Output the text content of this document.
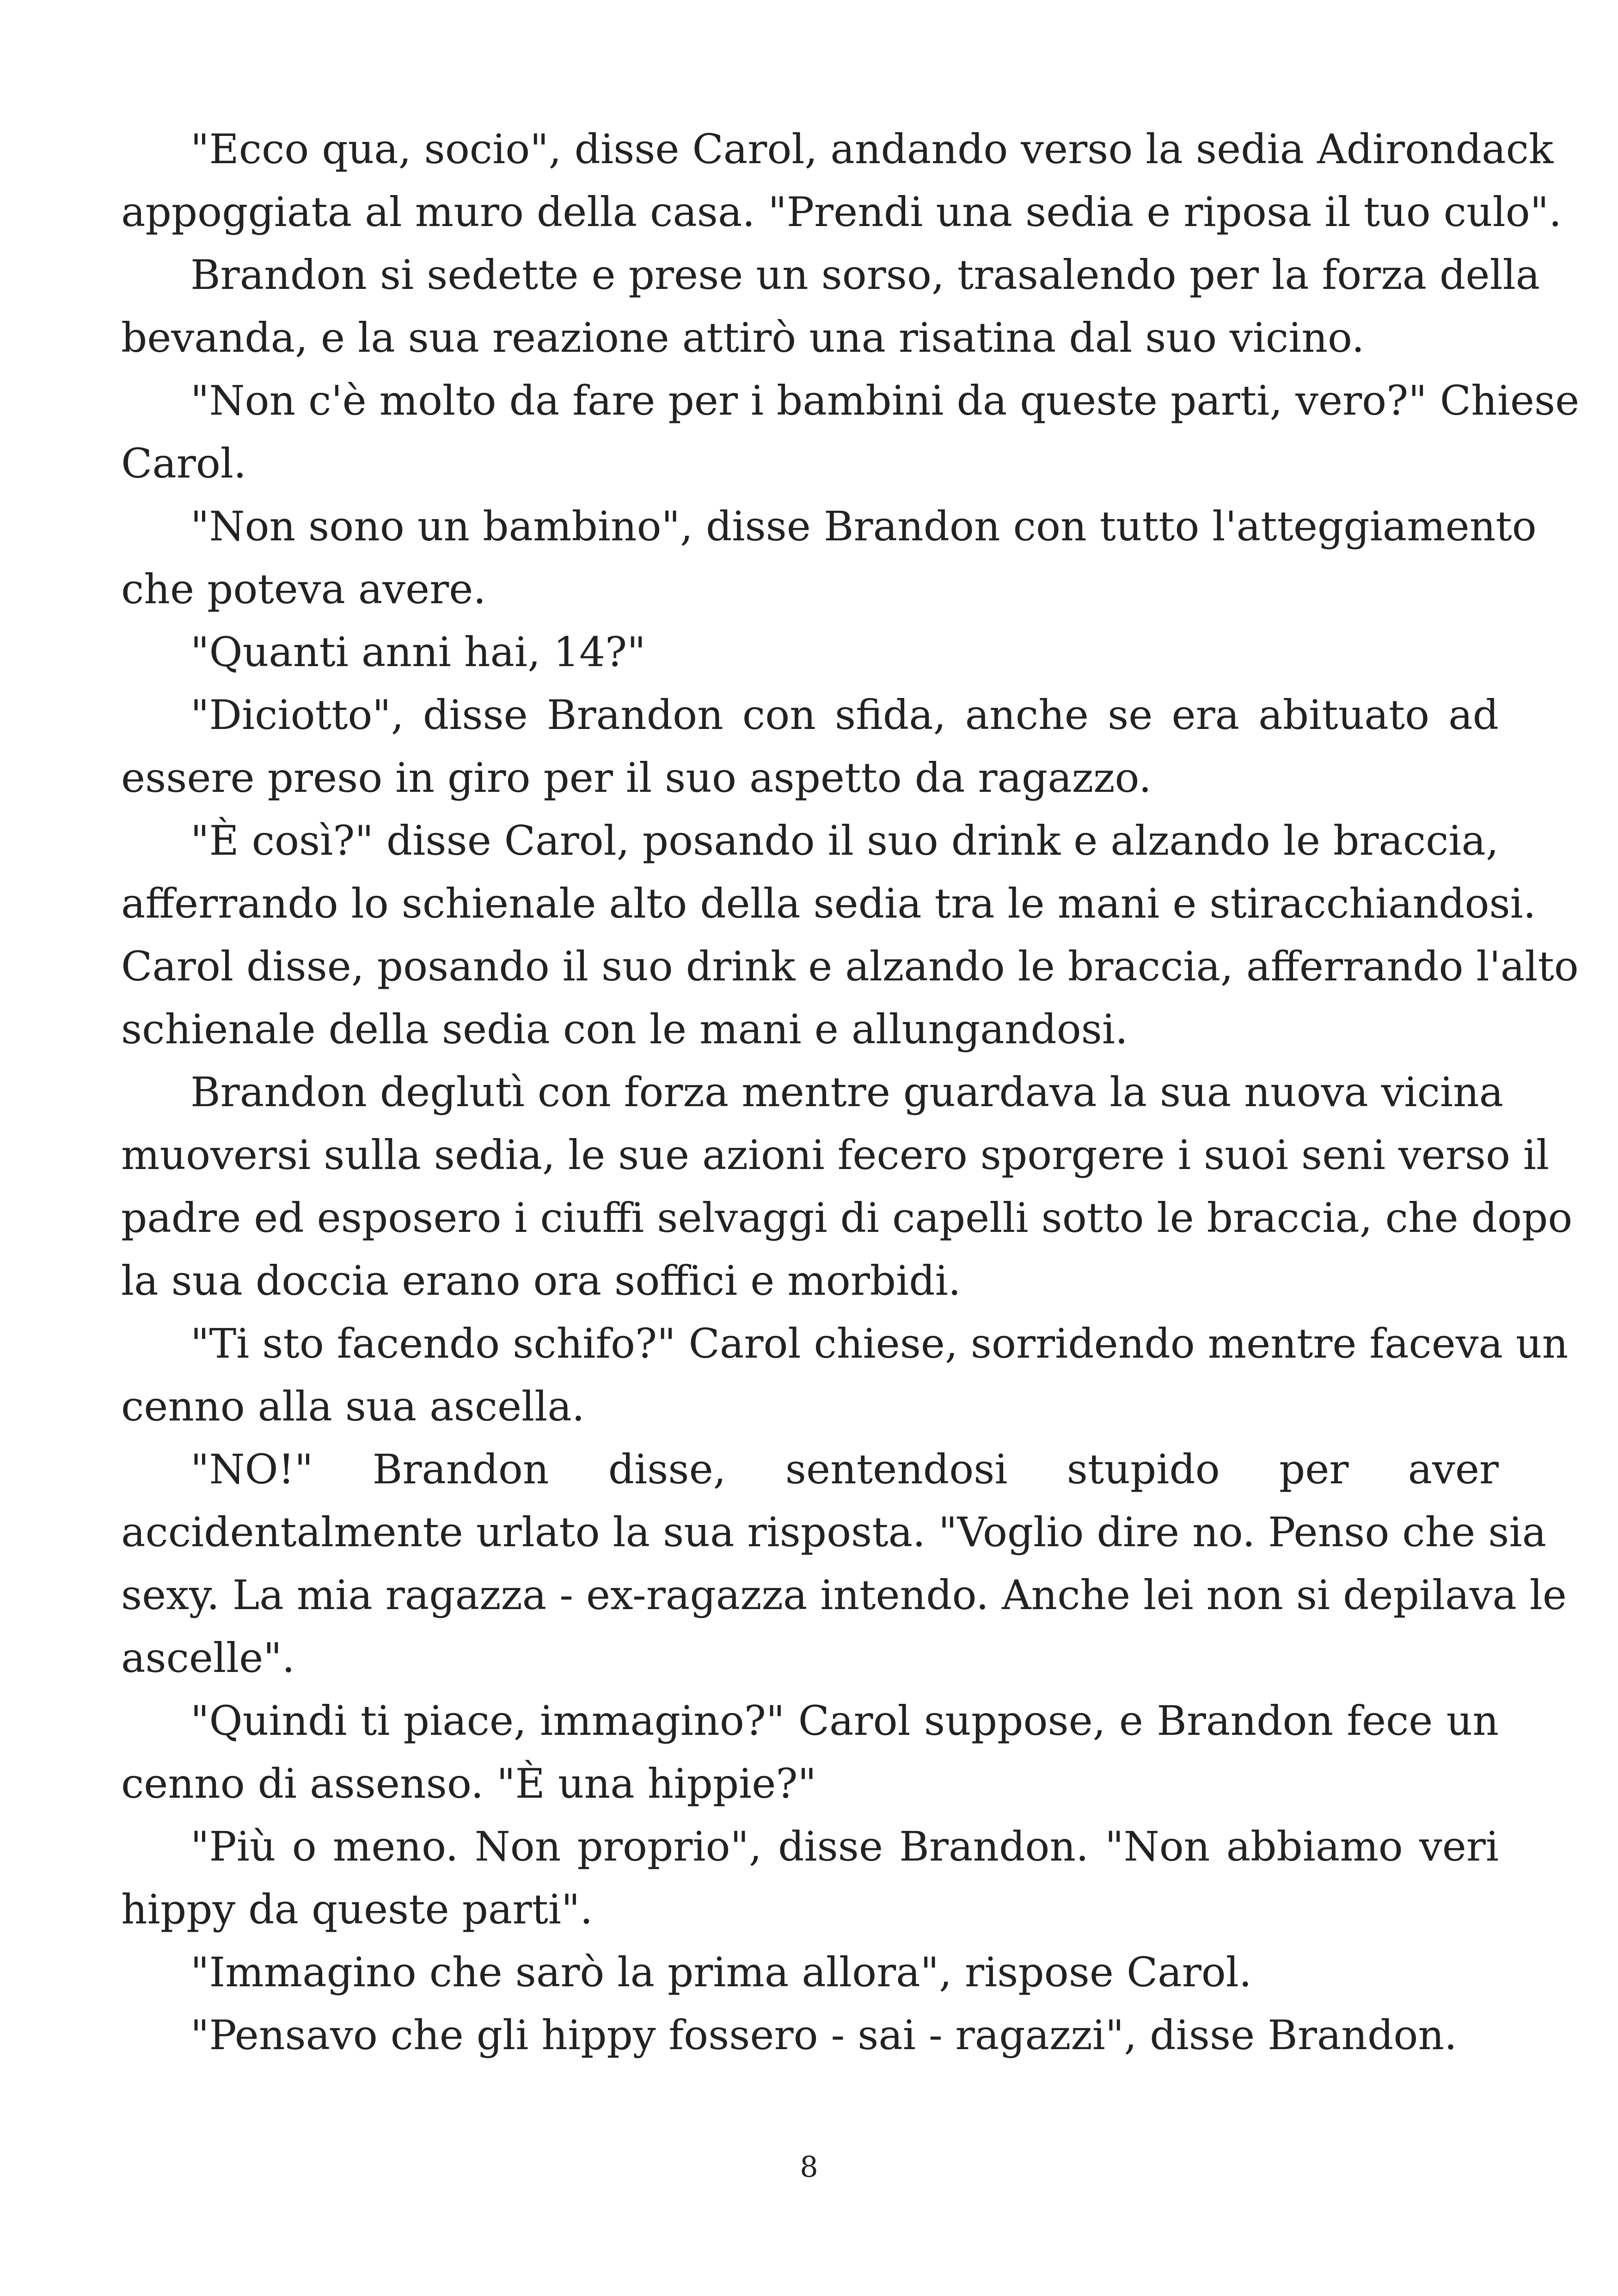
"Ecco qua, socio", disse Carol, andando verso la sedia Adirondack
appoggiata al muro della casa. "Prendi una sedia e riposa il tuo culo".
Brandon si sedette e prese un sorso, trasalendo per la forza della
bevanda, e la sua reazione attirò una risatina dal suo vicino.
"Non c'è molto da fare per i bambini da queste parti, vero?" Chiese
Carol.
"Non sono un bambino", disse Brandon con tutto l'atteggiamento
che poteva avere.
"Quanti anni hai, 14?"
"Diciotto", disse Brandon con sfida, anche se era abituato ad
essere preso in giro per il suo aspetto da ragazzo.
"È così?" disse Carol, posando il suo drink e alzando le braccia,
afferrando lo schienale alto della sedia tra le mani e stiracchiandosi.
Carol disse, posando il suo drink e alzando le braccia, afferrando l'alto
schienale della sedia con le mani e allungandosi.
Brandon deglutì con forza mentre guardava la sua nuova vicina
muoversi sulla sedia, le sue azioni fecero sporgere i suoi seni verso il
padre ed esposero i ciuffi selvaggi di capelli sotto le braccia, che dopo
la sua doccia erano ora soffici e morbidi.
"Ti sto facendo schifo?" Carol chiese, sorridendo mentre faceva un
cenno alla sua ascella.
"NO!" Brandon disse, sentendosi stupido per aver
accidentalmente urlato la sua risposta. "Voglio dire no. Penso che sia
sexy. La mia ragazza - ex-ragazza intendo. Anche lei non si depilava le
ascelle".
"Quindi ti piace, immagino?" Carol suppose, e Brandon fece un
cenno di assenso. "È una hippie?"
"Più o meno. Non proprio", disse Brandon. "Non abbiamo veri
hippy da queste parti".
"Immagino che sarò la prima allora", rispose Carol.
"Pensavo che gli hippy fossero - sai - ragazzi", disse Brandon.
8
